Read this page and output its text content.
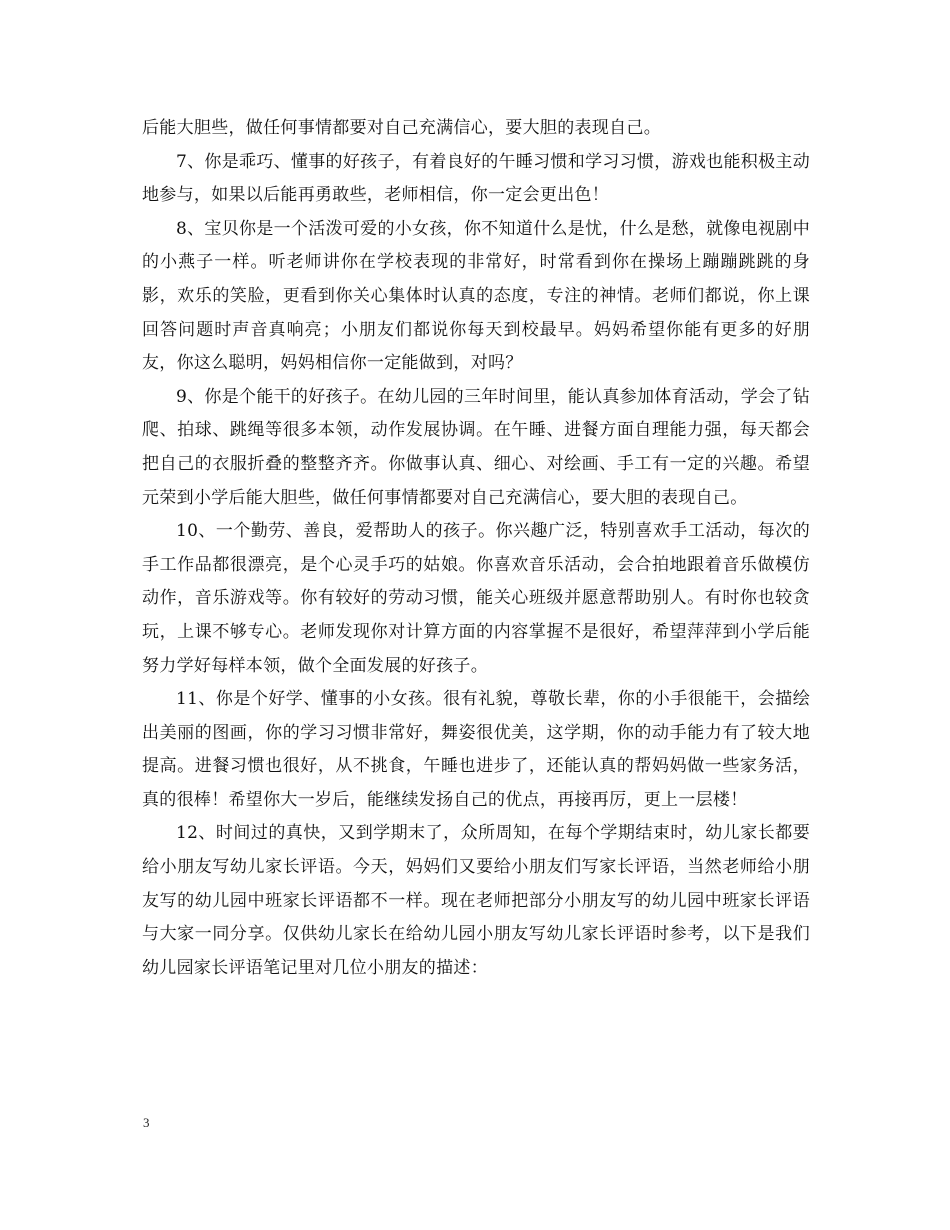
后能大胆些，做任何事情都要对自己充满信心，要大胆的表现自己。

7、你是乖巧、懂事的好孩子，有着良好的午睡习惯和学习习惯，游戏也能积极主动地参与，如果以后能再勇敢些，老师相信，你一定会更出色！

8、宝贝你是一个活泼可爱的小女孩，你不知道什么是忧，什么是愁，就像电视剧中的小燕子一样。听老师讲你在学校表现的非常好，时常看到你在操场上蹦蹦跳跳的身影，欢乐的笑脸，更看到你关心集体时认真的态度，专注的神情。老师们都说，你上课回答问题时声音真响亮；小朋友们都说你每天到校最早。妈妈希望你能有更多的好朋友，你这么聪明，妈妈相信你一定能做到，对吗？

9、你是个能干的好孩子。在幼儿园的三年时间里，能认真参加体育活动，学会了钻爬、拍球、跳绳等很多本领，动作发展协调。在午睡、进餐方面自理能力强，每天都会把自己的衣服折叠的整整齐齐。你做事认真、细心、对绘画、手工有一定的兴趣。希望元荣到小学后能大胆些，做任何事情都要对自己充满信心，要大胆的表现自己。

10、一个勤劳、善良，爱帮助人的孩子。你兴趣广泛，特别喜欢手工活动，每次的手工作品都很漂亮，是个心灵手巧的姑娘。你喜欢音乐活动，会合拍地跟着音乐做模仿动作，音乐游戏等。你有较好的劳动习惯，能关心班级并愿意帮助别人。有时你也较贪玩，上课不够专心。老师发现你对计算方面的内容掌握不是很好，希望萍萍到小学后能努力学好每样本领，做个全面发展的好孩子。

11、你是个好学、懂事的小女孩。很有礼貌，尊敬长辈，你的小手很能干，会描绘出美丽的图画，你的学习习惯非常好，舞姿很优美，这学期，你的动手能力有了较大地提高。进餐习惯也很好，从不挑食，午睡也进步了，还能认真的帮妈妈做一些家务活，真的很棒！希望你大一岁后，能继续发扬自己的优点，再接再厉，更上一层楼！

12、时间过的真快，又到学期末了，众所周知，在每个学期结束时，幼儿家长都要给小朋友写幼儿家长评语。今天，妈妈们又要给小朋友们写家长评语，当然老师给小朋友写的幼儿园中班家长评语都不一样。现在老师把部分小朋友写的幼儿园中班家长评语与大家一同分享。仅供幼儿家长在给幼儿园小朋友写幼儿家长评语时参考，以下是我们幼儿园家长评语笔记里对几位小朋友的描述：

3
